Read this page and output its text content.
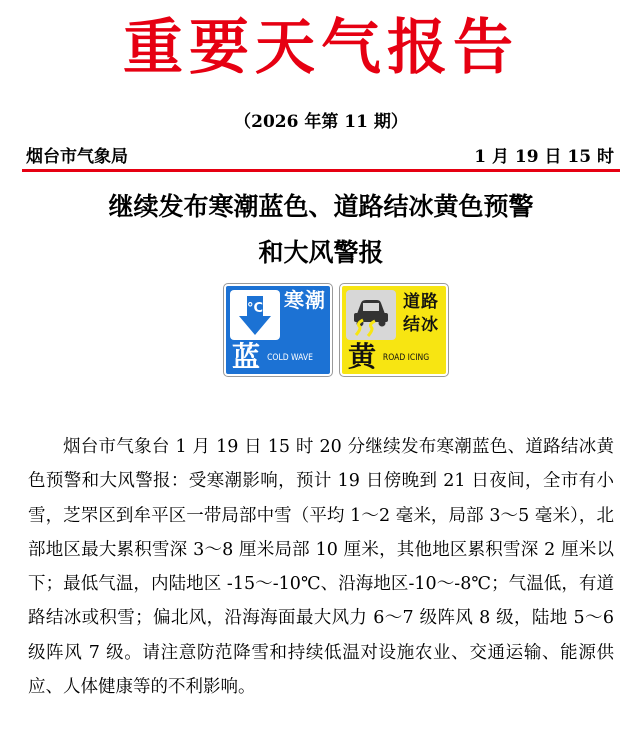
重要天气报告
（2026 年第 11 期）
烟台市气象局	1 月 19 日 15 时
继续发布寒潮蓝色、道路结冰黄色预警
和大风警报
°C 寒潮
蓝 COLD WAVE
道路结冰
黄 ROAD ICING

烟台市气象台 1 月 19 日 15 时 20 分继续发布寒潮蓝色、道路结冰黄色预警和大风警报：受寒潮影响，预计 19 日傍晚到 21 日夜间，全市有小雪，芝罘区到牟平区一带局部中雪（平均 1～2 毫米，局部 3～5 毫米），北部地区最大累积雪深 3～8 厘米局部 10 厘米，其他地区累积雪深 2 厘米以下；最低气温，内陆地区 -15～-10℃、沿海地区-10～-8℃；气温低，有道路结冰或积雪；偏北风，沿海海面最大风力 6～7 级阵风 8 级，陆地 5～6 级阵风 7 级。请注意防范降雪和持续低温对设施农业、交通运输、能源供应、人体健康等的不利影响。
